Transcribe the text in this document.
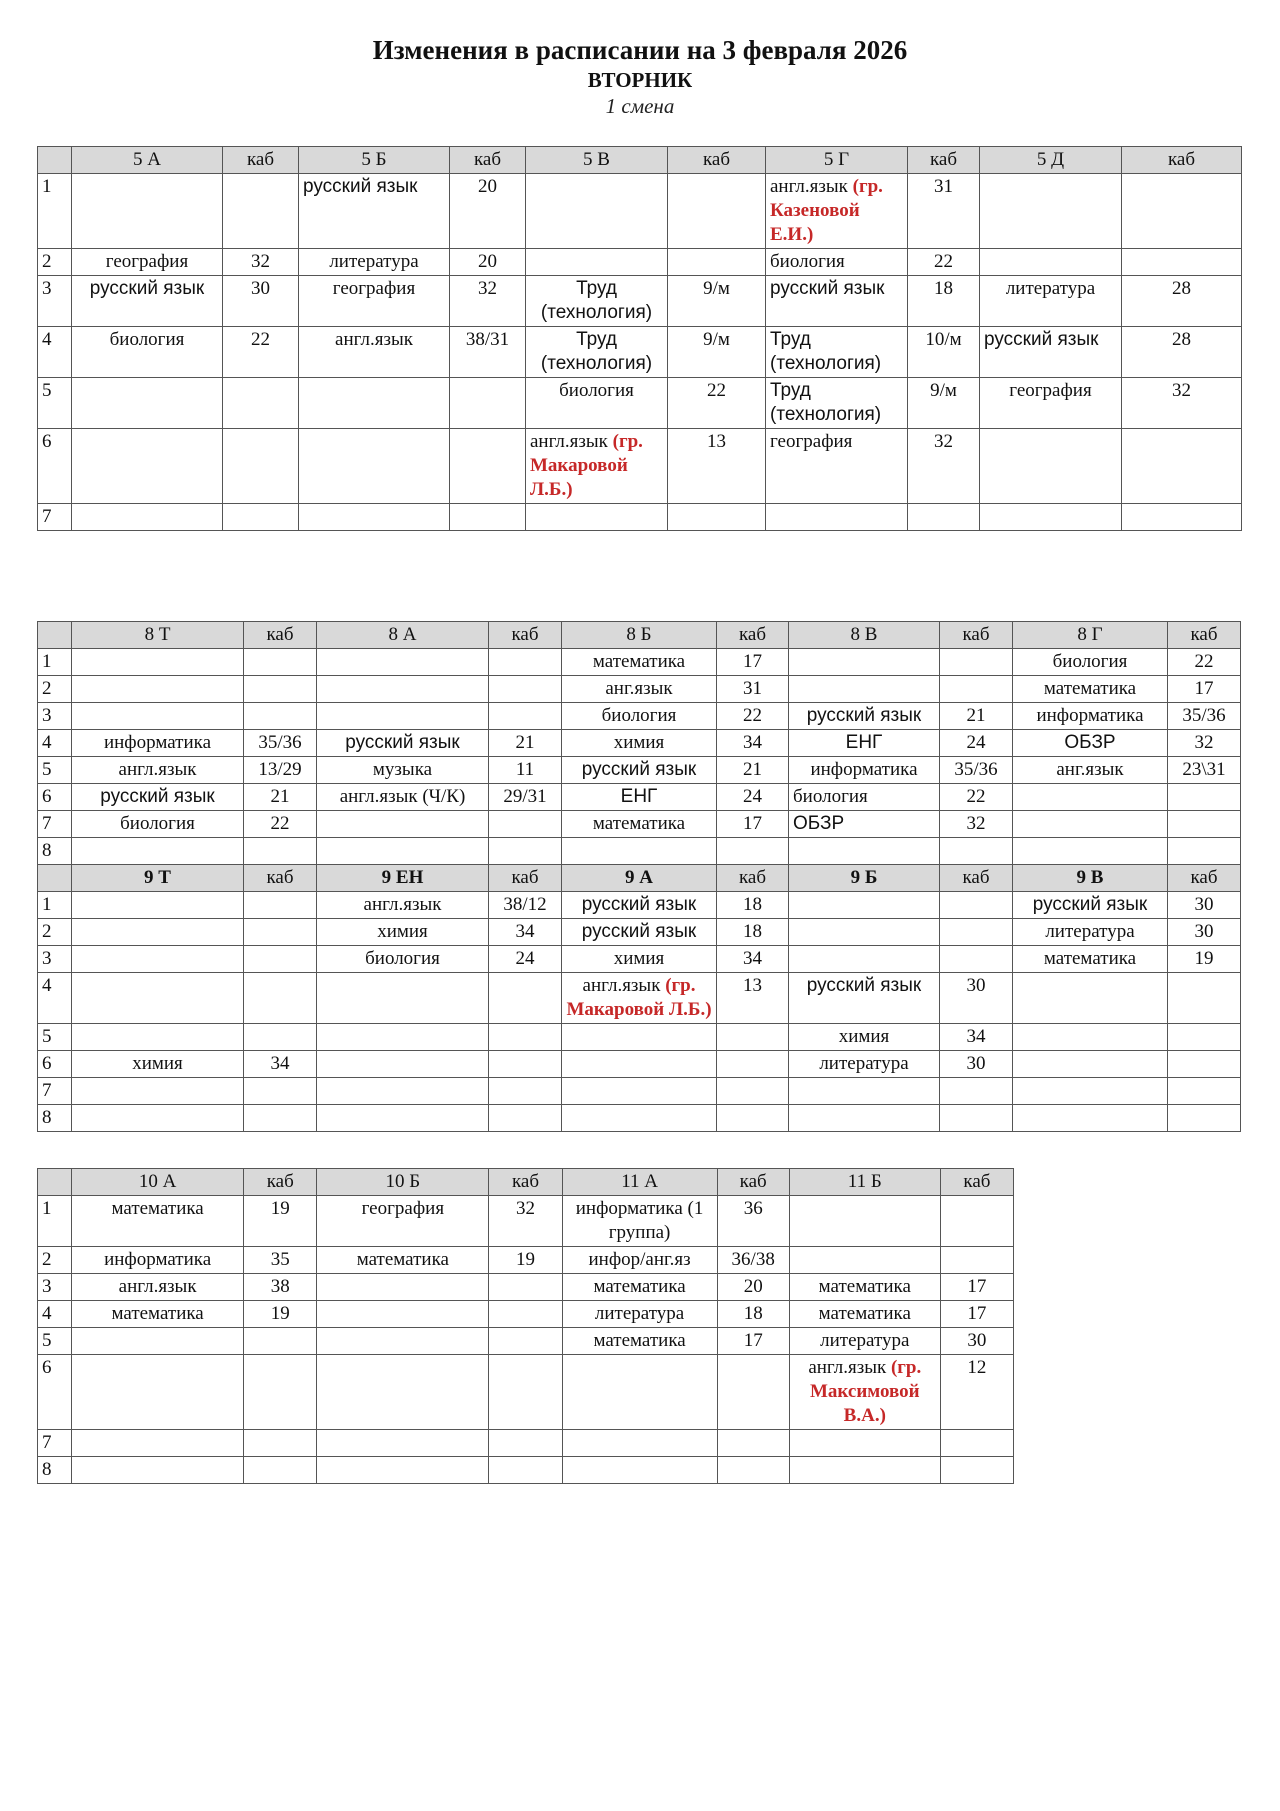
Изменения в расписании на 3 февраля 2026
ВТОРНИК
1 смена
	5 А	каб	5 Б	каб	5 В	каб	5 Г	каб	5 Д	каб
1			русский язык	20			англ.язык (гр. Казеновой Е.И.)	31		
2	география	32	литература	20			биология	22		
3	русский язык	30	география	32	Труд (технология)	9/м	русский язык	18	литература	28
4	биология	22	англ.язык	38/31	Труд (технология)	9/м	Труд (технология)	10/м	русский язык	28
5					биология	22	Труд (технология)	9/м	география	32
6					англ.язык (гр. Макаровой Л.Б.)	13	география	32		
7										
	8 Т	каб	8 А	каб	8 Б	каб	8 В	каб	8 Г	каб
1					математика	17			биология	22
2					анг.язык	31			математика	17
3					биология	22	русский язык	21	информатика	35/36
4	информатика	35/36	русский язык	21	химия	34	ЕНГ	24	ОБЗР	32
5	англ.язык	13/29	музыка	11	русский язык	21	информатика	35/36	анг.язык	23\31
6	русский язык	21	англ.язык (Ч/К)	29/31	ЕНГ	24	биология	22		
7	биология	22			математика	17	ОБЗР	32		
8										
	9 Т	каб	9 ЕН	каб	9 А	каб	9 Б	каб	9 В	каб
1			англ.язык	38/12	русский язык	18			русский язык	30
2			химия	34	русский язык	18			литература	30
3			биология	24	химия	34			математика	19
4					англ.язык (гр. Макаровой Л.Б.)	13	русский язык	30		
5							химия	34		
6	химия	34					литература	30		
7										
8										
	10 А	каб	10 Б	каб	11 А	каб	11 Б	каб
1	математика	19	география	32	информатика (1 группа)	36		
2	информатика	35	математика	19	инфор/анг.яз	36/38		
3	англ.язык	38			математика	20	математика	17
4	математика	19			литература	18	математика	17
5					математика	17	литература	30
6							англ.язык (гр. Максимовой В.А.)	12
7								
8								
